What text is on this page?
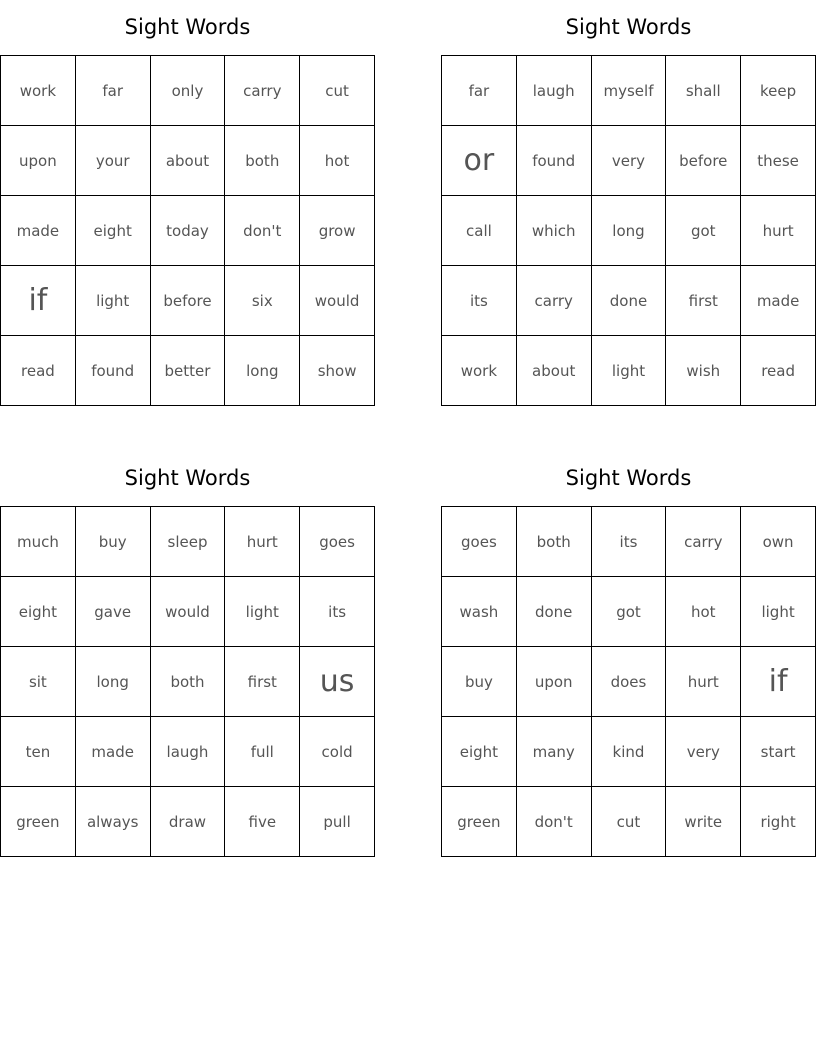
Sight Words
work	far	only	carry	cut
upon	your	about	both	hot
made	eight	today	don't	grow
if	light	before	six	would
read	found	better	long	show
Sight Words
far	laugh	myself	shall	keep
or	found	very	before	these
call	which	long	got	hurt
its	carry	done	first	made
work	about	light	wish	read
Sight Words
much	buy	sleep	hurt	goes
eight	gave	would	light	its
sit	long	both	first	us
ten	made	laugh	full	cold
green	always	draw	five	pull
Sight Words
goes	both	its	carry	own
wash	done	got	hot	light
buy	upon	does	hurt	if
eight	many	kind	very	start
green	don't	cut	write	right
